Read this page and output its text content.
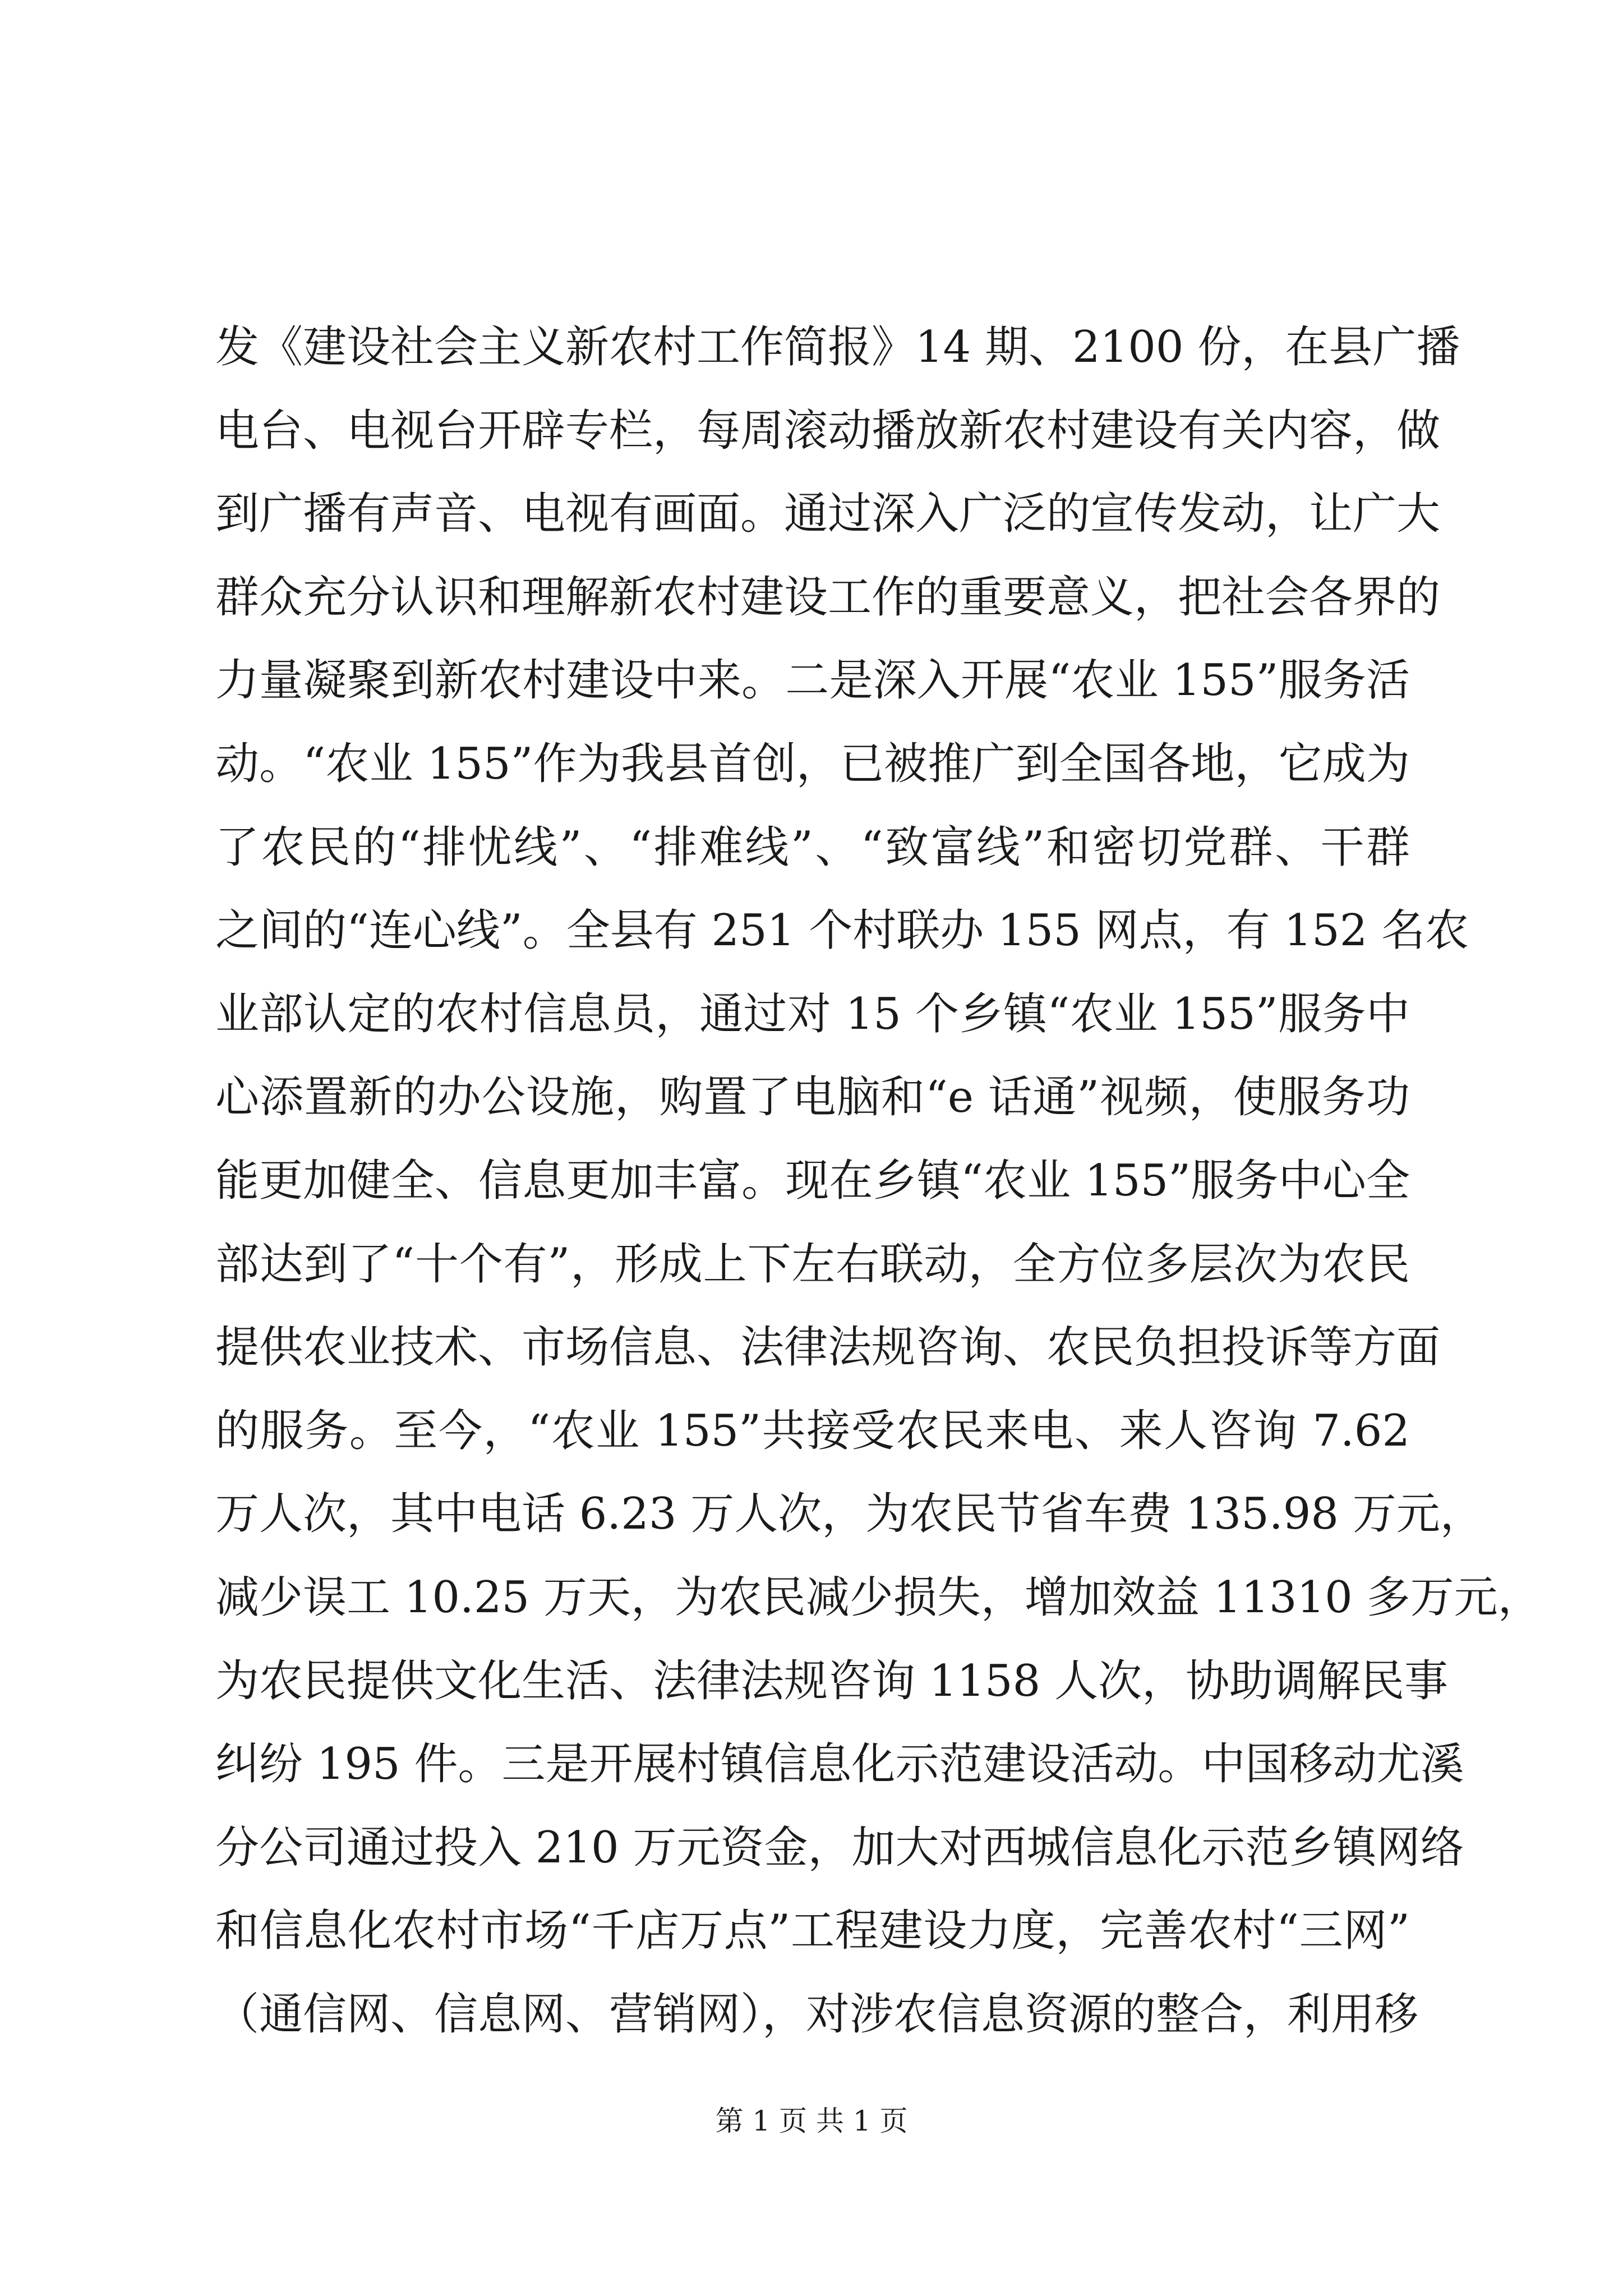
发《建设社会主义新农村工作简报》14 期、2100 份，在县广播
电台、电视台开辟专栏，每周滚动播放新农村建设有关内容，做
到广播有声音、电视有画面。通过深入广泛的宣传发动，让广大
群众充分认识和理解新农村建设工作的重要意义，把社会各界的
力量凝聚到新农村建设中来。二是深入开展“农业 155”服务活
动。“农业 155”作为我县首创，已被推广到全国各地，它成为
了农民的“排忧线”、“排难线”、“致富线”和密切党群、干群
之间的“连心线”。全县有 251 个村联办 155 网点，有 152 名农
业部认定的农村信息员，通过对 15 个乡镇“农业 155”服务中
心添置新的办公设施，购置了电脑和“e 话通”视频，使服务功
能更加健全、信息更加丰富。现在乡镇“农业 155”服务中心全
部达到了“十个有”，形成上下左右联动，全方位多层次为农民
提供农业技术、市场信息、法律法规咨询、农民负担投诉等方面
的服务。至今，“农业 155”共接受农民来电、来人咨询 7.62
万人次，其中电话 6.23 万人次，为农民节省车费 135.98 万元，
减少误工 10.25 万天，为农民减少损失，增加效益 11310 多万元，
为农民提供文化生活、法律法规咨询 1158 人次，协助调解民事
纠纷 195 件。三是开展村镇信息化示范建设活动。中国移动尤溪
分公司通过投入 210 万元资金，加大对西城信息化示范乡镇网络
和信息化农村市场“千店万点”工程建设力度，完善农村“三网”
（通信网、信息网、营销网），对涉农信息资源的整合，利用移
第 1 页 共 1 页
